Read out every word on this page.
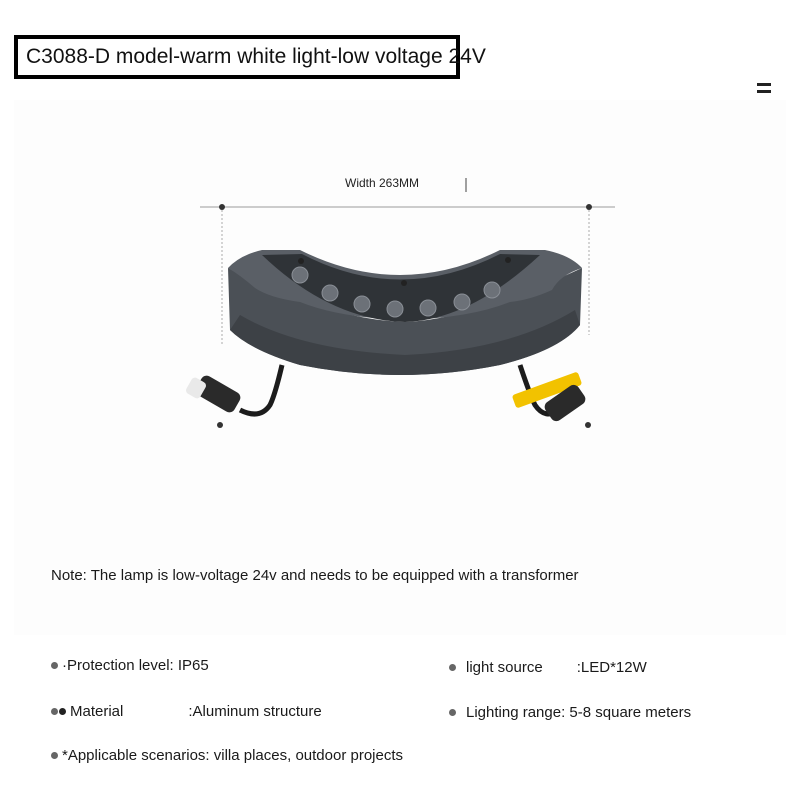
C3088-D model-warm white light-low voltage 24V
Width 263MM
Note: The lamp is low-voltage 24v and needs to be equipped with a transformer
·Protection level: IP65	light source :LED*12W
Material	:Aluminum structure	Lighting range: 5-8 square meters
*Applicable scenarios: villa places, outdoor projects
